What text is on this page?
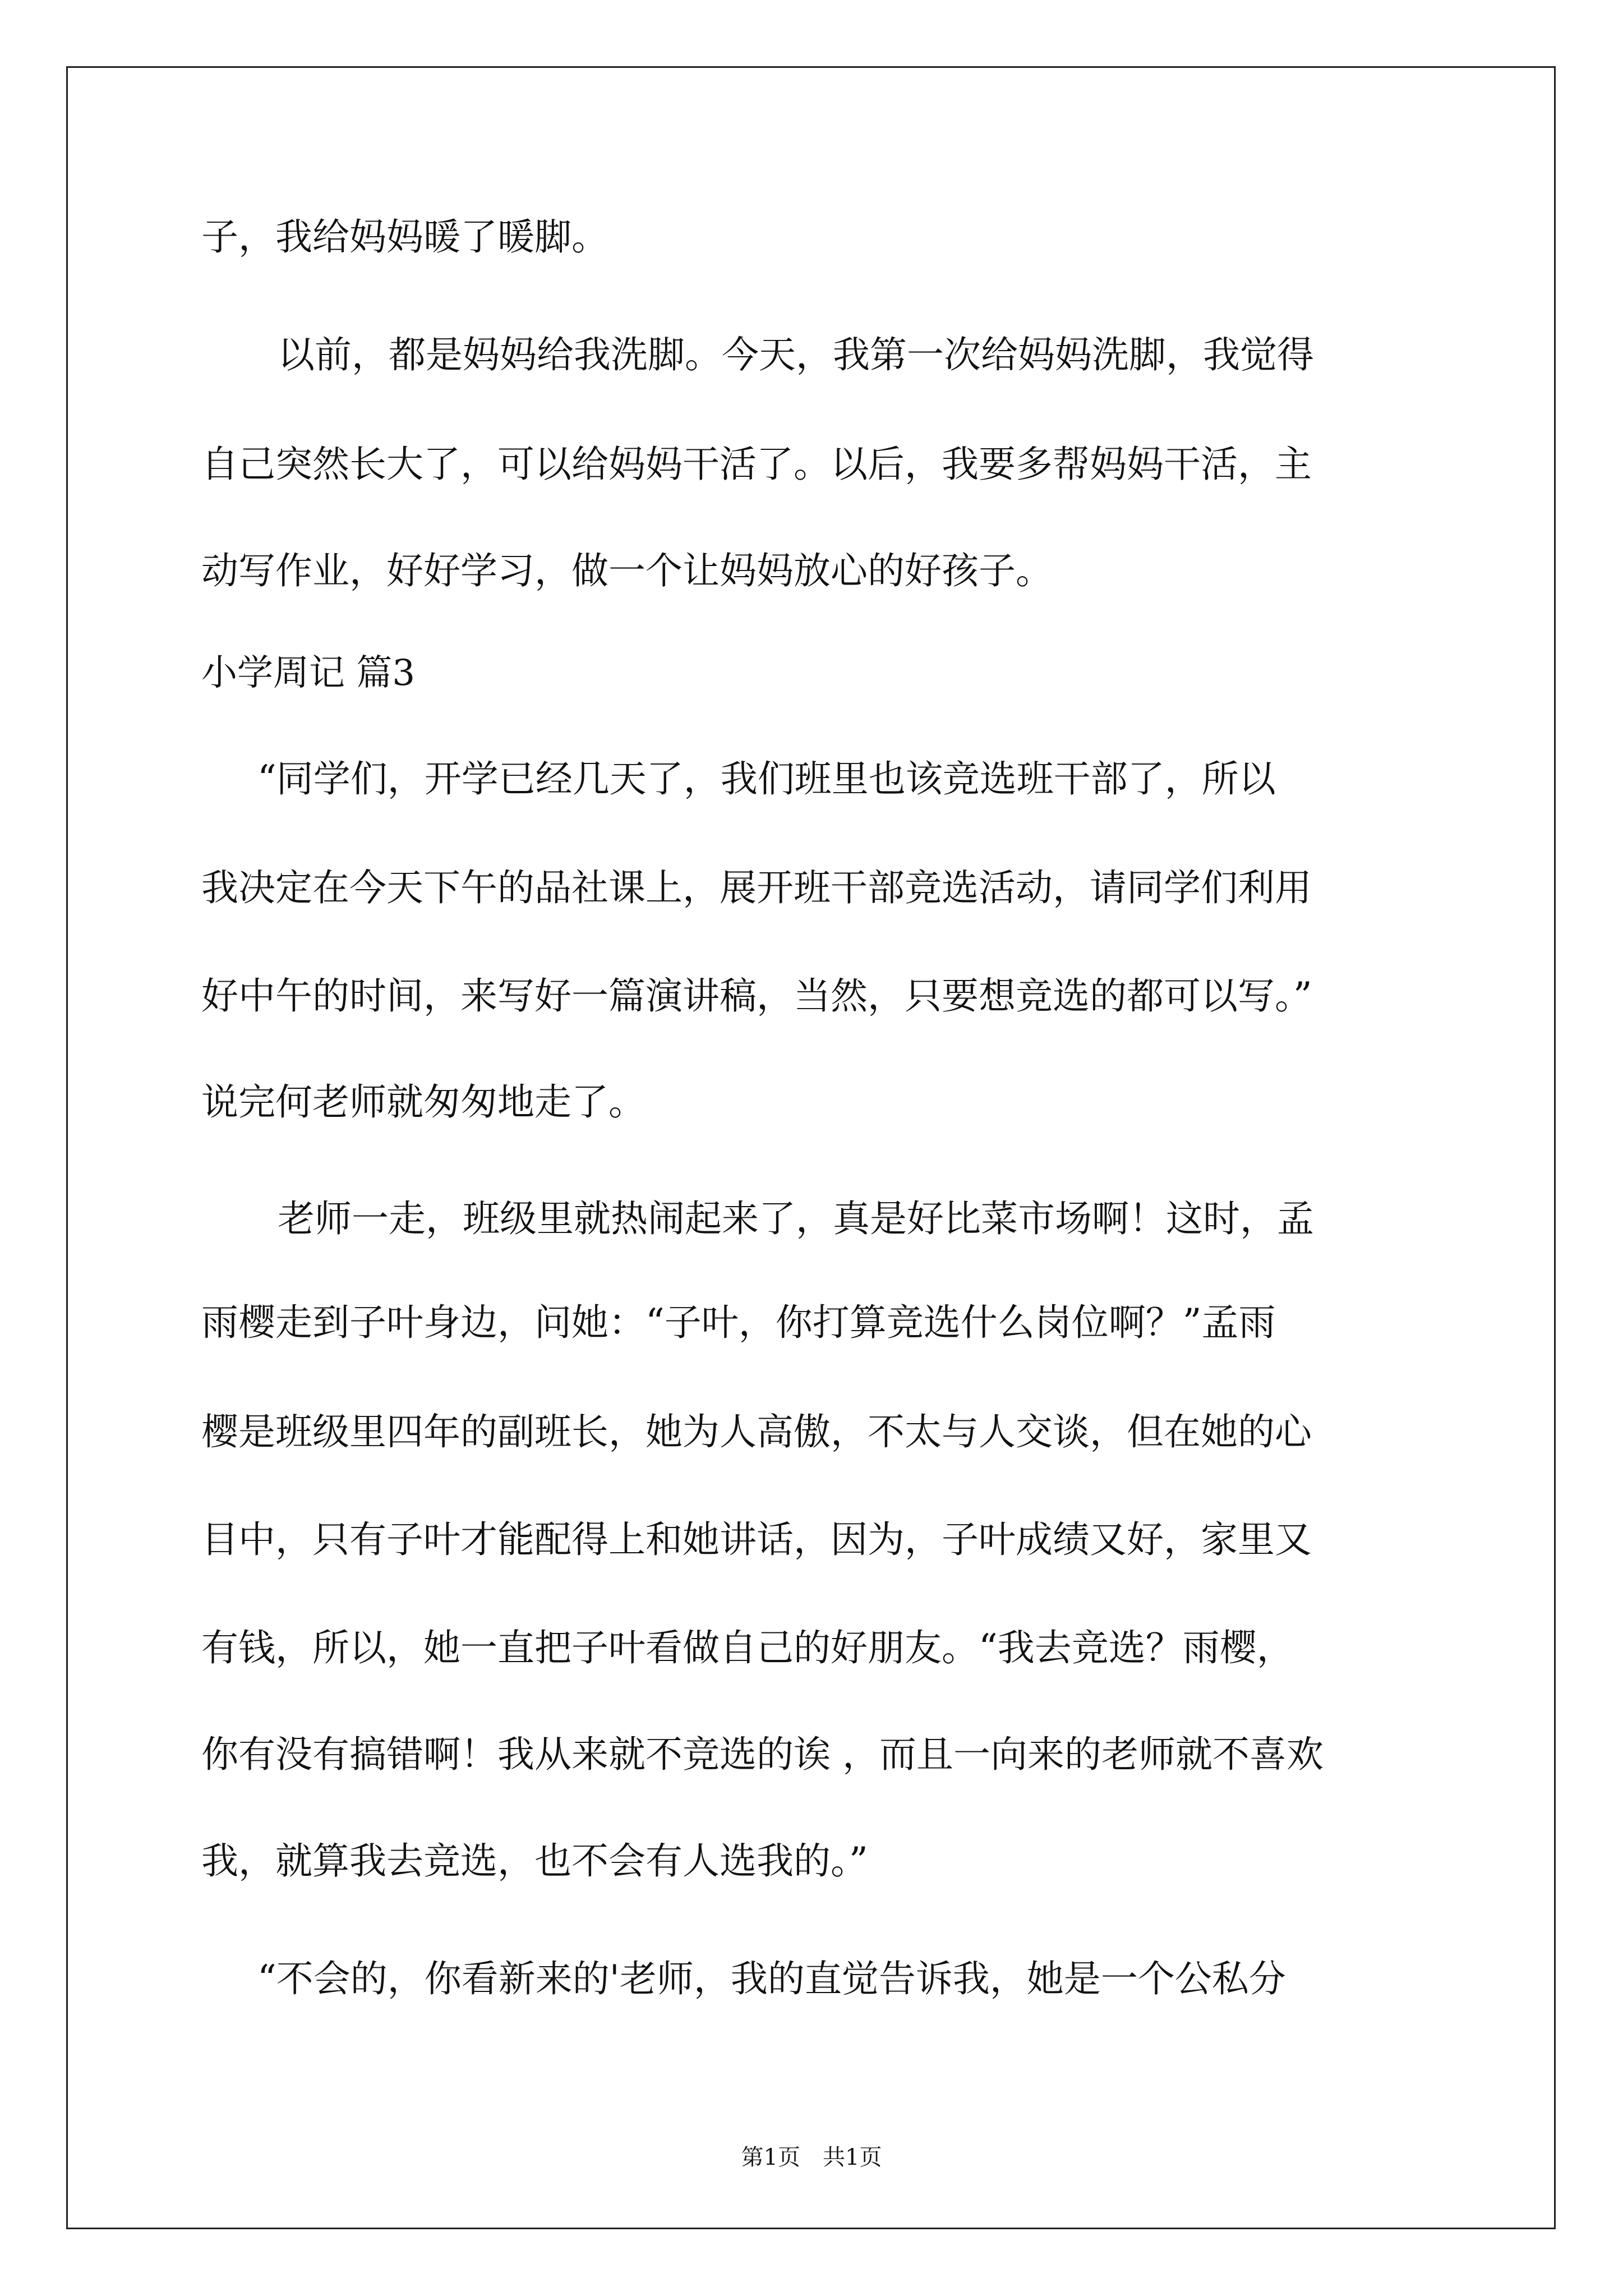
子，我给妈妈暖了暖脚。
以前，都是妈妈给我洗脚。今天，我第一次给妈妈洗脚，我觉得
自己突然长大了，可以给妈妈干活了。以后，我要多帮妈妈干活，主
动写作业，好好学习，做一个让妈妈放心的好孩子。
小学周记 篇3
“同学们，开学已经几天了，我们班里也该竞选班干部了，所以
我决定在今天下午的品社课上，展开班干部竞选活动，请同学们利用
好中午的时间，来写好一篇演讲稿，当然，只要想竞选的都可以写。”
说完何老师就匆匆地走了。
老师一走，班级里就热闹起来了，真是好比菜市场啊！这时，孟
雨樱走到子叶身边，问她：“子叶，你打算竞选什么岗位啊？”孟雨
樱是班级里四年的副班长，她为人高傲，不太与人交谈，但在她的心
目中，只有子叶才能配得上和她讲话，因为，子叶成绩又好，家里又
有钱，所以，她一直把子叶看做自己的好朋友。“我去竞选？雨樱，
你有没有搞错啊！我从来就不竞选的诶 ，而且一向来的老师就不喜欢
我，就算我去竞选，也不会有人选我的。”
“不会的，你看新来的'老师，我的直觉告诉我，她是一个公私分
第1页　共1页
